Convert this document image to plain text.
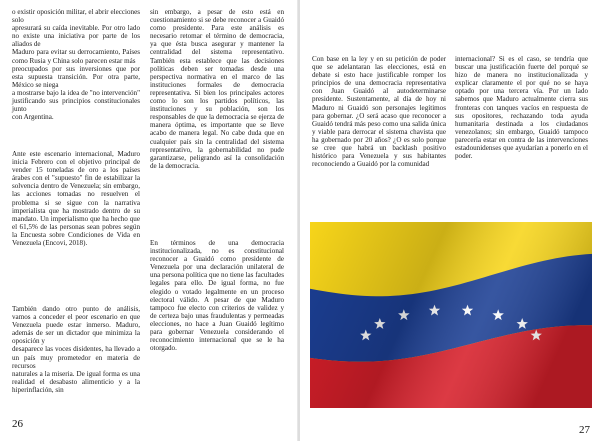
o existir oposición militar, el abrir elecciones solo
apresurará su caída inevitable. Por otro lado no existe una iniciativa por parte de los aliados de
Maduro para evitar su derrocamiento, Países como Rusia y China solo parecen estar más
preocupados por sus inversiones que por esta supuesta transición. Por otra parte, México se niega
a mostrarse bajo la idea de "no intervención" justificando sus principios constitucionales junto
con Argentina.

Ante este escenario internacional, Maduro inicia Febrero con el objetivo principal de vender 15 toneladas de oro a los países árabes con el "supuesto" fin de estabilizar la solvencia dentro de Venezuela; sin embargo, las acciones tomadas no resuelven el problema si se sigue con la narrativa imperialista que ha mostrado dentro de su mandato. Un imperialismo que ha hecho que el 61,5% de las personas sean pobres según la Encuesta sobre Condiciones de Vida en Venezuela (Encovi, 2018).

También dando otro punto de análisis, vamos a conceder el peor escenario en que Venezuela puede estar inmerso. Maduro, además de ser un dictador que minimiza la oposición y
desaparece las voces disidentes, ha llevado a un país muy prometedor en materia de recursos
naturales a la miseria. De igual forma es una realidad el desabasto alimenticio y a la hiperinflación, sin

sin embargo, a pesar de esto está en cuestionamiento si se debe reconocer a Guaidó como presidente. Para este análisis es necesario retomar el término de democracia, ya que ésta busca asegurar y mantener la centralidad del sistema representativo. También esta establece que las decisiones políticas deben ser tomadas desde una perspectiva normativa en el marco de las instituciones formales de democracia representativa. Si bien los principales actores como lo son los partidos políticos, las instituciones y su población, son los responsables de que la democracia se ejerza de manera óptima, es importante que se lleve acabo de manera legal. No cabe duda que en cualquier país sin la centralidad del sistema representativo, la gobernabilidad no pude garantizarse, peligrando así la consolidación de la democracia.

En términos de una democracia institucionalizada, no es constitucional reconocer a Guaidó como presidente de Venezuela por una declaración unilateral de una persona política que no tiene las facultades legales para ello. De igual forma, no fue elegido o votado legalmente en un proceso electoral válido. A pesar de que Maduro tampoco fue electo con criterios de validez y de certeza bajo unas fraudulentas y permeadas elecciones, no hace a Juan Guaidó legítimo para gobernar Venezuela considerando el reconocimiento internacional que se le ha otorgado.

26

Con base en la ley y en su petición de poder que se adelantaran las elecciones, está en debate si esto hace justificable romper los principios de una democracia representativa con Juan Guaidó al autodeterminarse presidente. Sustentamente, al día de hoy ni Maduro ni Guaidó son personajes legítimos para gobernar. ¿O será acaso que reconocer a Guaidó tendrá más peso como una salida única y viable para derrocar el sistema chavista que ha gobernado por 20 años? ¿O es solo porque se cree que habrá un backlash positivo histórico para Venezuela y sus habitantes reconociendo a Guaidó por la comunidad

internacional? Si es el caso, se tendría que buscar una justificación fuerte del porqué se hizo de manera no institucionalizada y explicar claramente el por qué no se haya optado por una tercera vía. Por un lado sabemos que Maduro actualmente cierra sus fronteras con tanques vacíos en respuesta de sus opositores, rechazando toda ayuda humanitaria destinada a los ciudadanos venezolanos; sin embargo, Guaidó tampoco parecería estar en contra de las intervenciones estadounidenses que ayudarían a ponerlo en el poder.

27
